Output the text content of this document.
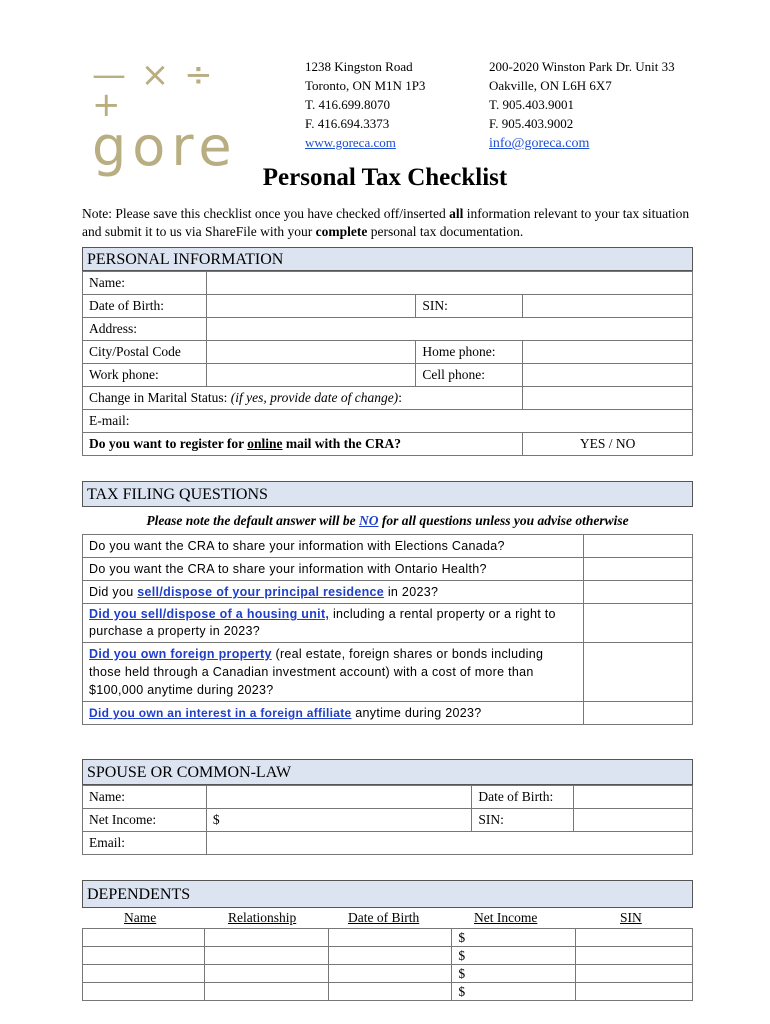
— × ÷ +
gore
1238 Kingston Road
Toronto, ON M1N 1P3
T. 416.699.8070
F. 416.694.3373
www.goreca.com
200-2020 Winston Park Dr. Unit 33
Oakville, ON L6H 6X7
T. 905.403.9001
F. 905.403.9002
info@goreca.com
Personal Tax Checklist
Note: Please save this checklist once you have checked off/inserted all information relevant to your tax situation and submit it to us via ShareFile with your complete personal tax documentation.
PERSONAL INFORMATION
Name:			
Date of Birth:		SIN:	
Address:			
City/Postal Code		Home phone:	
Work phone:		Cell phone:	
Change in Marital Status: (if yes, provide date of change):			
E-mail:			
Do you want to register for online mail with the CRA?			YES / NO
TAX FILING QUESTIONS
Please note the default answer will be NO for all questions unless you advise otherwise
Do you want the CRA to share your information with Elections Canada?	
Do you want the CRA to share your information with Ontario Health?	
Did you sell/dispose of your principal residence in 2023?	
Did you sell/dispose of a housing unit, including a rental property or a right to purchase a property in 2023?	
Did you own foreign property (real estate, foreign shares or bonds including those held through a Canadian investment account) with a cost of more than $100,000 anytime during 2023?	
Did you own an interest in a foreign affiliate anytime during 2023?	
SPOUSE OR COMMON-LAW
Name:		Date of Birth:	
Net Income:	$	SIN:	
Email:			
DEPENDENTS
Name	Relationship	Date of Birth	Net Income	SIN
			$	
			$	
			$	
			$	
